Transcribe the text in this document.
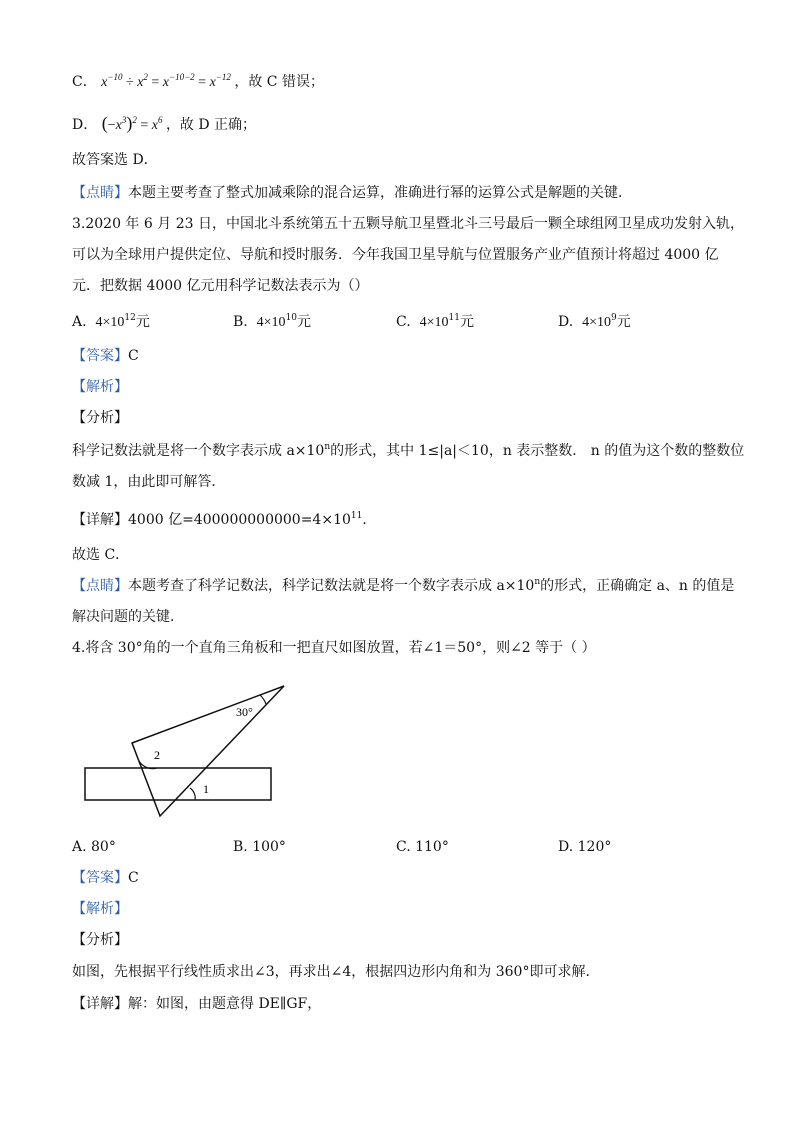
C． $x^{-10} \div x^2 = x^{-10-2} = x^{-12}$ ，故 C 错误；
D． $(-x^3)^2 = x^6$ ，故 D 正确；
故答案选 D．
【点睛】本题主要考查了整式加减乘除的混合运算，准确进行幂的运算公式是解题的关键．
3.2020 年 6 月 23 日，中国北斗系统第五十五颗导航卫星暨北斗三号最后一颗全球组网卫星成功发射入轨，
可以为全球用户提供定位、导航和授时服务．今年我国卫星导航与位置服务产业产值预计将超过 4000 亿
元．把数据 4000 亿元用科学记数法表示为（）
A. $4\times 10^{12}$元	B. $4\times 10^{10}$元	C. $4\times 10^{11}$元	D. $4\times 10^9$元
【答案】C
【解析】
【分析】
科学记数法就是将一个数字表示成 $a\times 10^n$的形式，其中 1≤|a|＜10，n 表示整数． n 的值为这个数的整数位
数减 1，由此即可解答．
【详解】4000 亿$=400000000000=4\times 10^{11}$．
故选 C．
【点睛】本题考查了科学记数法，科学记数法就是将一个数字表示成 $a\times 10^n$的形式，正确确定 a、n 的值是
解决问题的关键．
4.将含 30°角的一个直角三角板和一把直尺如图放置，若∠1＝50°，则∠2 等于（ ）
30°
2
1
A. 80°	B. 100°	C. 110°	D. 120°
【答案】C
【解析】
【分析】
如图，先根据平行线性质求出∠3，再求出∠4，根据四边形内角和为 360°即可求解．
【详解】解：如图，由题意得 DE∥GF，
